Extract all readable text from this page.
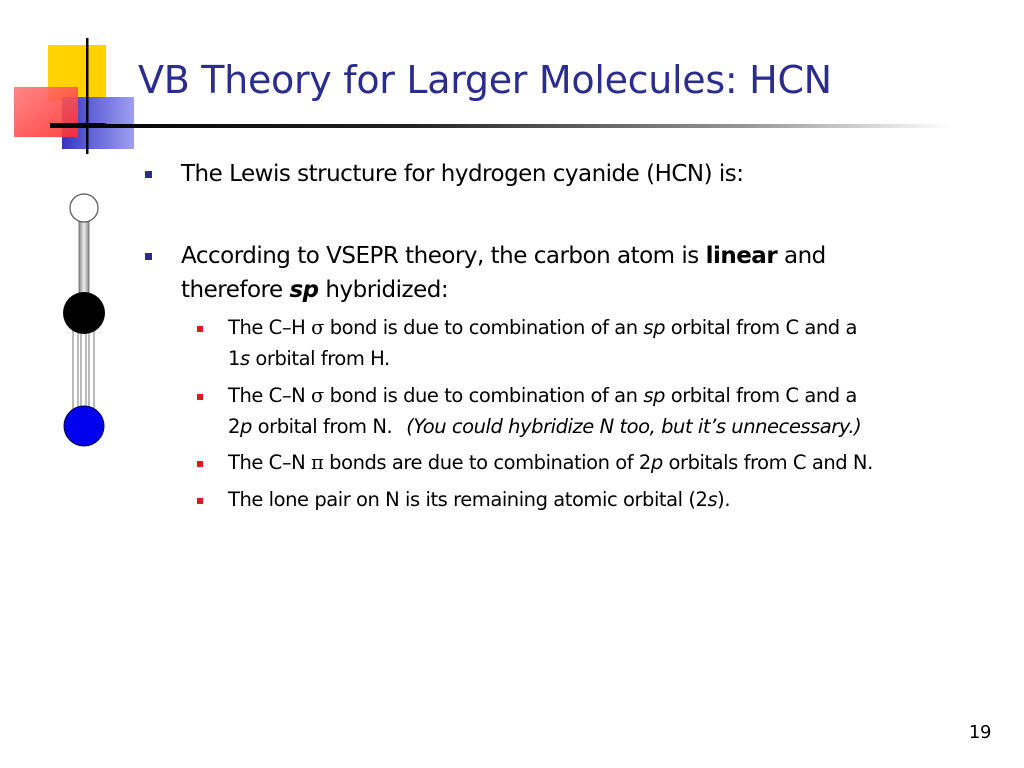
VB Theory for Larger Molecules: HCN
The Lewis structure for hydrogen cyanide (HCN) is:
According to VSEPR theory, the carbon atom is linear and
therefore sp hybridized:
The C–H σ bond is due to combination of an sp orbital from C and a
1s orbital from H.
The C–N σ bond is due to combination of an sp orbital from C and a
2p orbital from N. (You could hybridize N too, but it’s unnecessary.)
The C–N π bonds are due to combination of 2p orbitals from C and N.
The lone pair on N is its remaining atomic orbital (2s).
19
